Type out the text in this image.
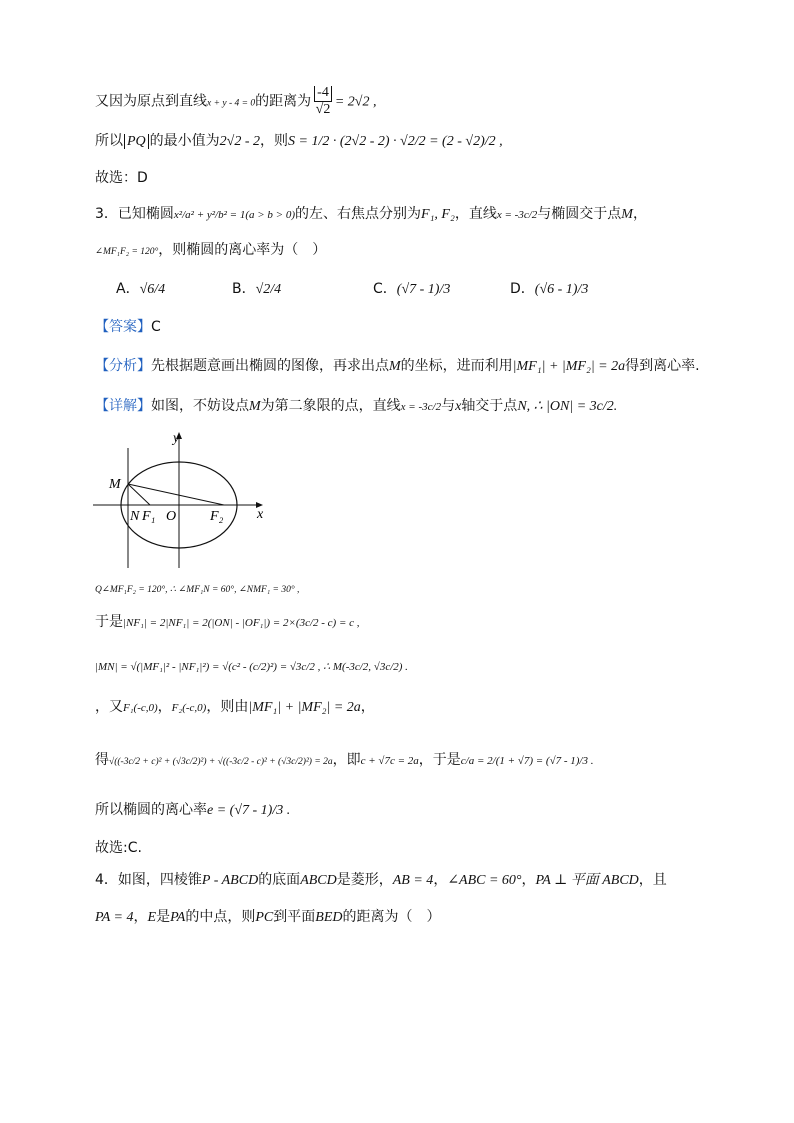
又因为原点到直线x + y - 4 = 0的距离为 $\frac{-4}{√2} = 2√2$ ,
所以 PQ 的最小值为2√2 - 2，则S = 1/2 · (2√2 - 2) · √2/2 = (2 - √2)/2 ,
故选：D
3．已知椭圆x²/a² + y²/b² = 1(a > b > 0)的左、右焦点分别为F₁, F₂，直线x = -3c/2与椭圆交于点M，
∠MF₁F₂ = 120°，则椭圆的离心率为（　）
A．√6/4	B．√2/4	C．(√7 - 1)/3	D．(√6 - 1)/3
【答案】C
【分析】先根据题意画出椭圆的图像，再求出点M的坐标，进而利用|MF₁| + |MF₂| = 2a得到离心率.
【详解】如图，不妨设点M为第二象限的点，直线x = -3c/2与x轴交于点N, ∴ |ON| = 3c/2.
y
x
M
N F₁ O F₂
Q∠MF₁F₂ = 120°, ∴ ∠MF₁N = 60°, ∠NMF₁ = 30° ,
于是|NF₁| = 2|NF₁| = 2(|ON| - |OF₁|) = 2×(3c/2 - c) = c ,
|MN| = √(|MF₁|² - |NF₁|²) = √(c² - (c/2)²) = √3c/2 , ∴ M(-3c/2, √3c/2) .
，又F₁(-c,0)，F₂(-c,0)，则由|MF₁| + |MF₂| = 2a，
得√((-3c/2 + c)² + (√3c/2)²) + √((-3c/2 - c)² + (√3c/2)²) = 2a，即c + √7c = 2a，于是c/a = 2/(1 + √7) = (√7 - 1)/3 .
所以椭圆的离心率e = (√7 - 1)/3 .
故选:C.
4．如图，四棱锥P - ABCD的底面ABCD是菱形，AB = 4，∠ABC = 60°，PA ⊥ 平面 ABCD，且
PA = 4，E是PA的中点，则PC到平面BED的距离为（　）
